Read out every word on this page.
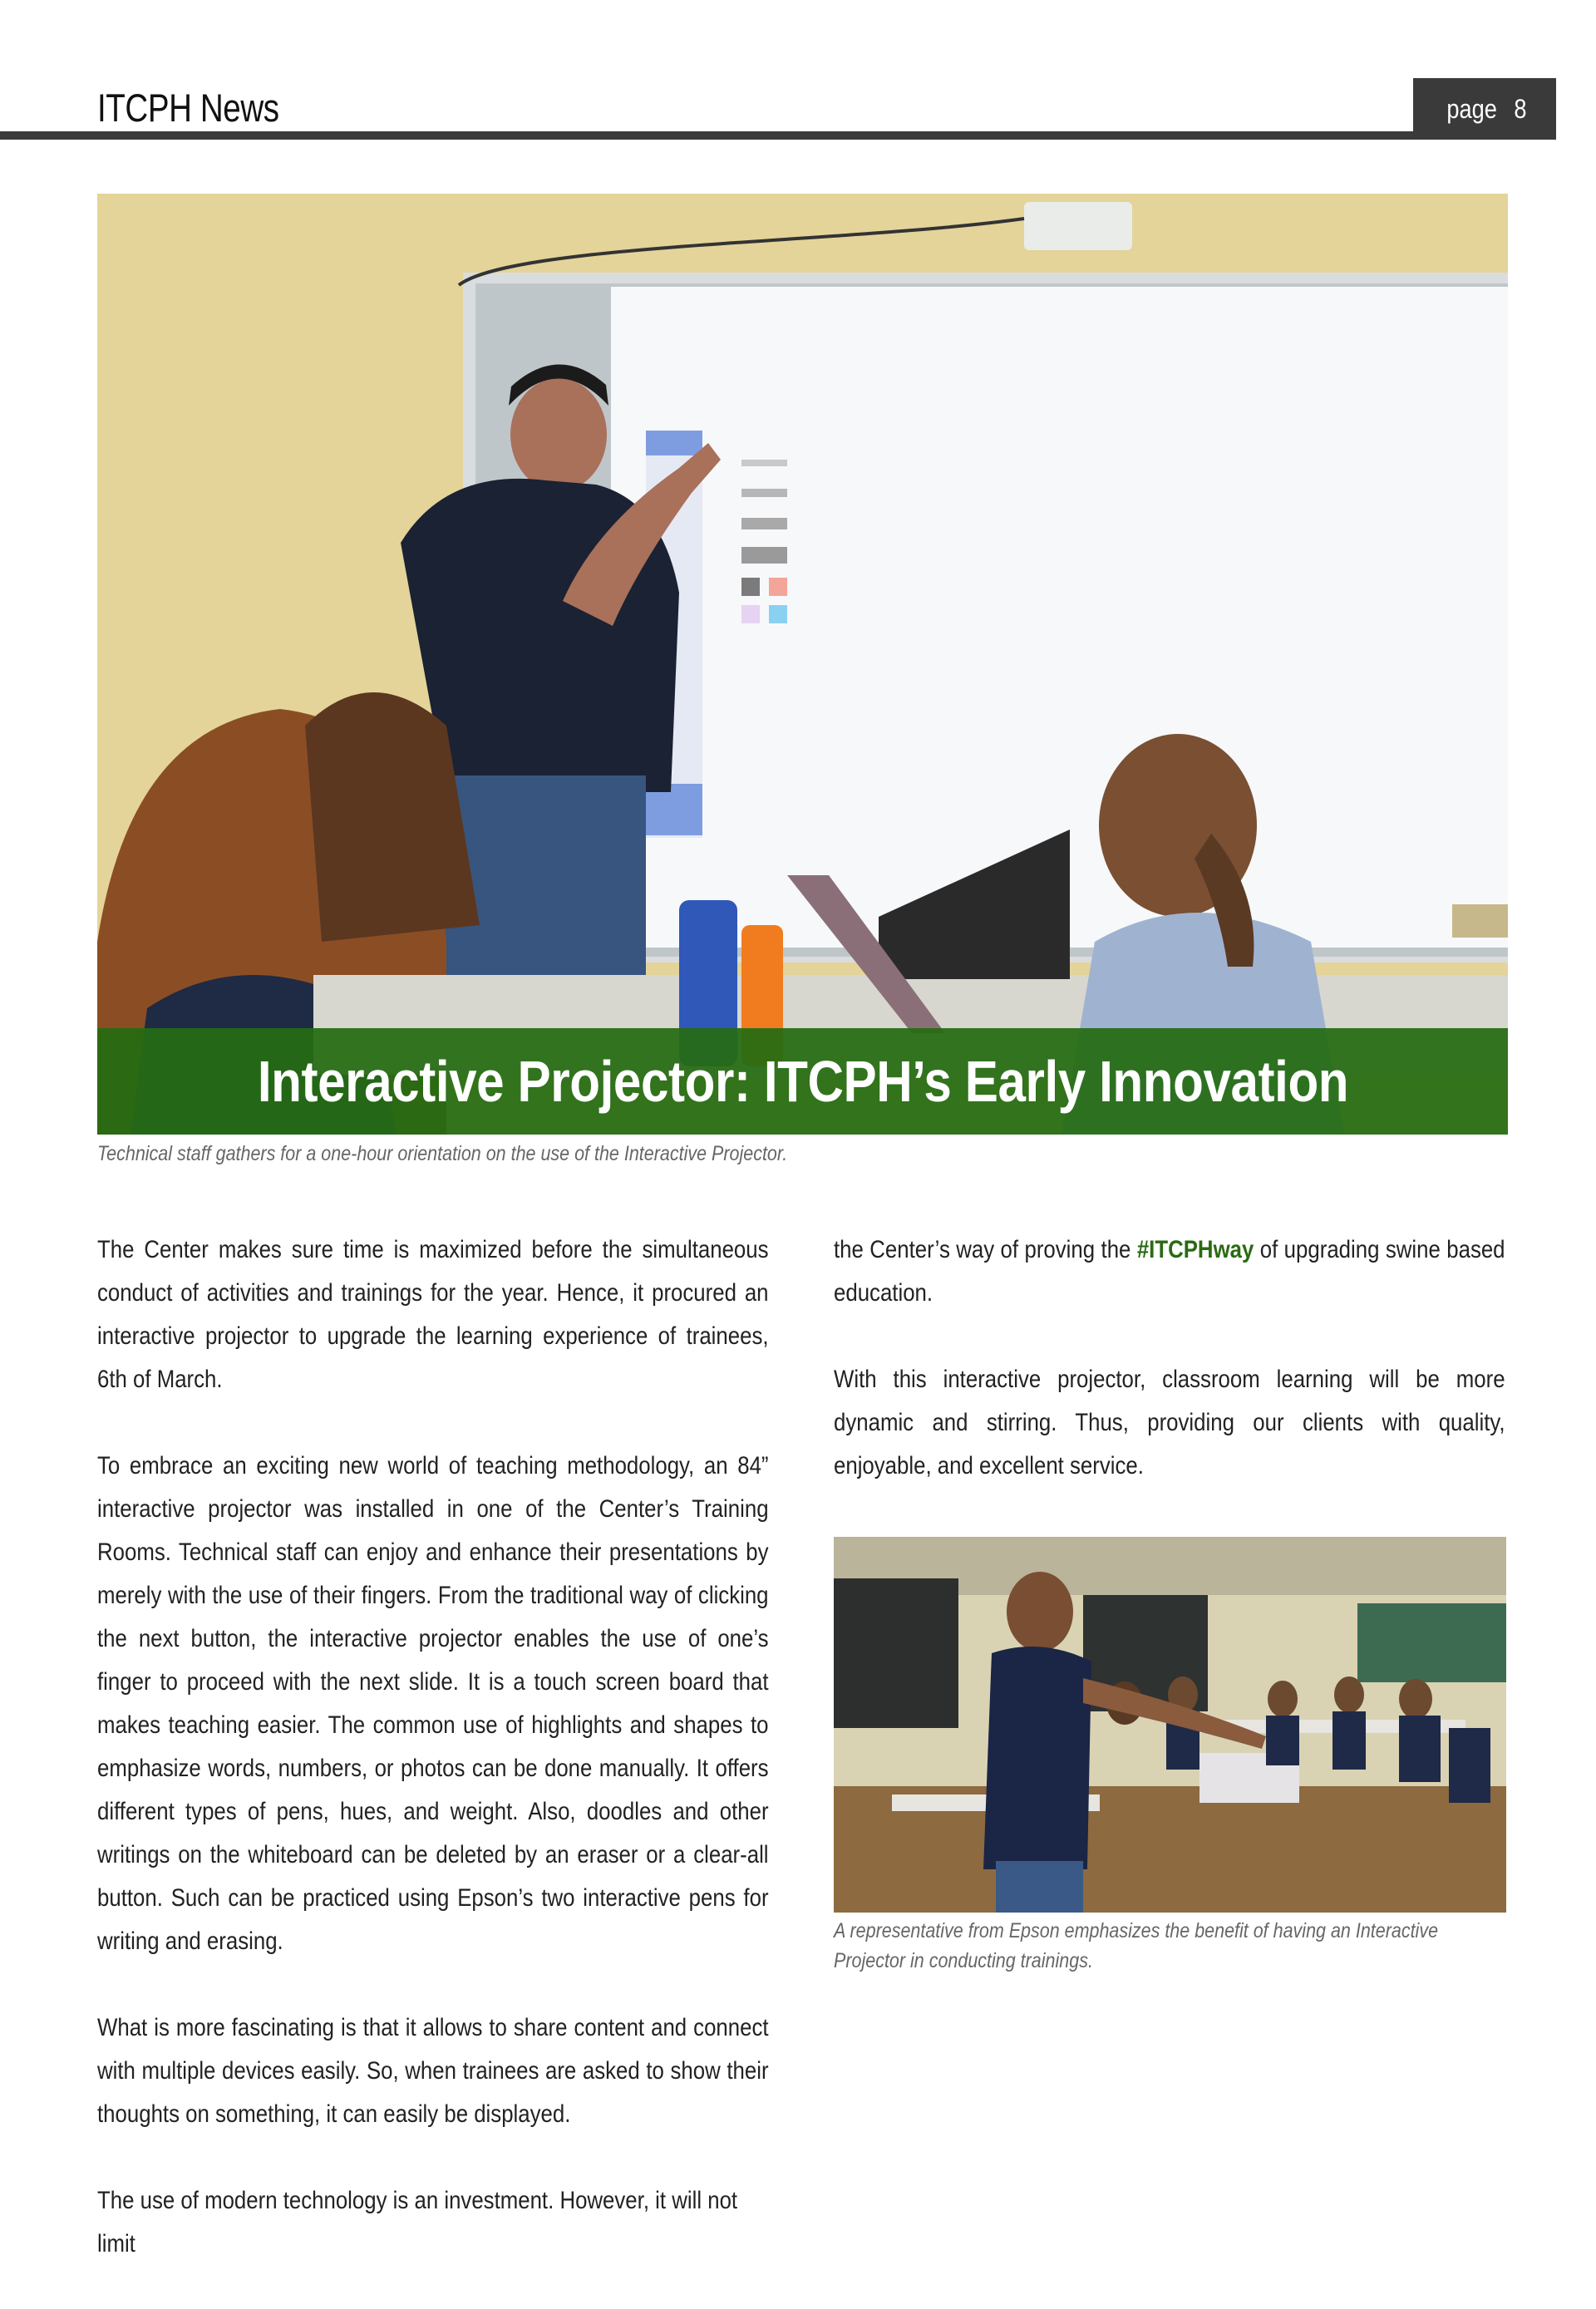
ITCPH News	page 8
Interactive Projector: ITCPH’s Early Innovation
Technical staff gathers for a one-hour orientation on the use of the Interactive Projector.

The Center makes sure time is maximized before the simultaneous conduct of activities and trainings for the year. Hence, it procured an interactive projector to upgrade the learning experience of trainees, 6th of March.

To embrace an exciting new world of teaching methodology, an 84” interactive projector was installed in one of the Center’s Training Rooms. Technical staff can enjoy and enhance their presentations by merely with the use of their fingers. From the traditional way of clicking the next button, the interactive projector enables the use of one’s finger to proceed with the next slide. It is a touch screen board that makes teaching easier. The common use of highlights and shapes to emphasize words, numbers, or photos can be done manually. It offers different types of pens, hues, and weight. Also, doodles and other writings on the whiteboard can be deleted by an eraser or a clear-all button. Such can be practiced using Epson’s two interactive pens for writing and erasing.

What is more fascinating is that it allows to share content and connect with multiple devices easily. So, when trainees are asked to show their thoughts on something, it can easily be displayed.

The use of modern technology is an investment. However, it will not limit

the Center’s way of proving the #ITCPHway of upgrading swine based education.

With this interactive projector, classroom learning will be more dynamic and stirring. Thus, providing our clients with quality, enjoyable, and excellent service.

A representative from Epson emphasizes the benefit of having an Interactive
Projector in conducting trainings.
